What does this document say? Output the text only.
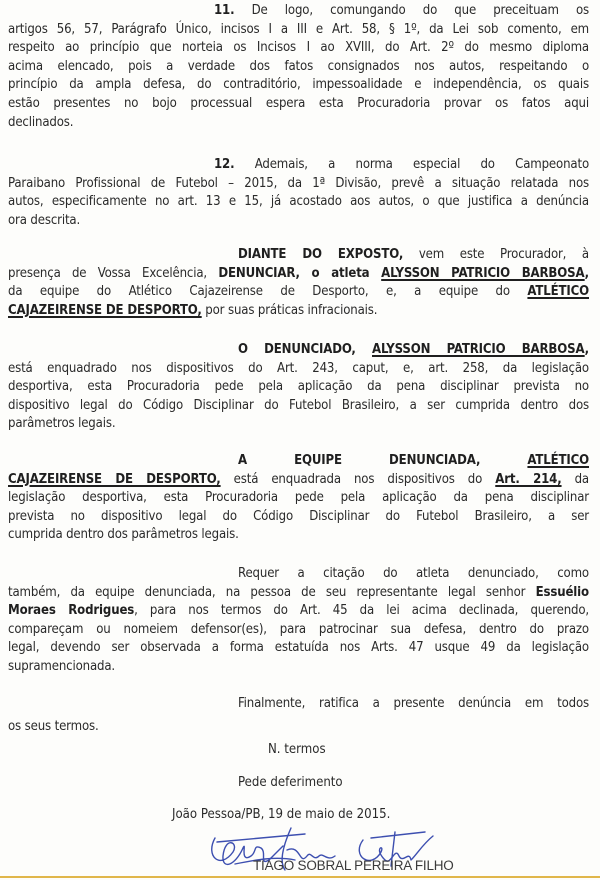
11. De logo, comungando do que preceituam os
artigos 56, 57, Parágrafo Único, incisos I a III e Art. 58, § 1º, da Lei sob comento, em
respeito ao princípio que norteia os Incisos I ao XVIII, do Art. 2º do mesmo diploma
acima elencado, pois a verdade dos fatos consignados nos autos, respeitando o
princípio da ampla defesa, do contraditório, impessoalidade e independência, os quais
estão presentes no bojo processual espera esta Procuradoria provar os fatos aqui
declinados.
12. Ademais, a norma especial do Campeonato
Paraibano Profissional de Futebol – 2015, da 1ª Divisão, prevê a situação relatada nos
autos, especificamente no art. 13 e 15, já acostado aos autos, o que justifica a denúncia
ora descrita.
DIANTE DO EXPOSTO, vem este Procurador, à
presença de Vossa Excelência, DENUNCIAR, o atleta ALYSSON PATRICIO BARBOSA,
da equipe do Atlético Cajazeirense de Desporto, e, a equipe do ATLÉTICO
CAJAZEIRENSE DE DESPORTO, por suas práticas infracionais.
O DENUNCIADO, ALYSSON PATRICIO BARBOSA,
está enquadrado nos dispositivos do Art. 243, caput, e, art. 258, da legislação
desportiva, esta Procuradoria pede pela aplicação da pena disciplinar prevista no
dispositivo legal do Código Disciplinar do Futebol Brasileiro, a ser cumprida dentro dos
parâmetros legais.
A	EQUIPE	DENUNCIADA,	ATLÉTICO
CAJAZEIRENSE DE DESPORTO, está enquadrada nos dispositivos do Art. 214, da
legislação desportiva, esta Procuradoria pede pela aplicação da pena disciplinar
prevista no dispositivo legal do Código Disciplinar do Futebol Brasileiro, a ser
cumprida dentro dos parâmetros legais.
Requer a citação do atleta denunciado, como
também, da equipe denunciada, na pessoa de seu representante legal senhor Essuélio
Moraes Rodrigues, para nos termos do Art. 45 da lei acima declinada, querendo,
compareçam ou nomeiem defensor(es), para patrocinar sua defesa, dentro do prazo
legal, devendo ser observada a forma estatuída nos Arts. 47 usque 49 da legislação
supramencionada.
Finalmente, ratifica a presente denúncia em todos
os seus termos.
N. termos
Pede deferimento
João Pessoa/PB, 19 de maio de 2015.
TIAGO SOBRAL PEREIRA FILHO
